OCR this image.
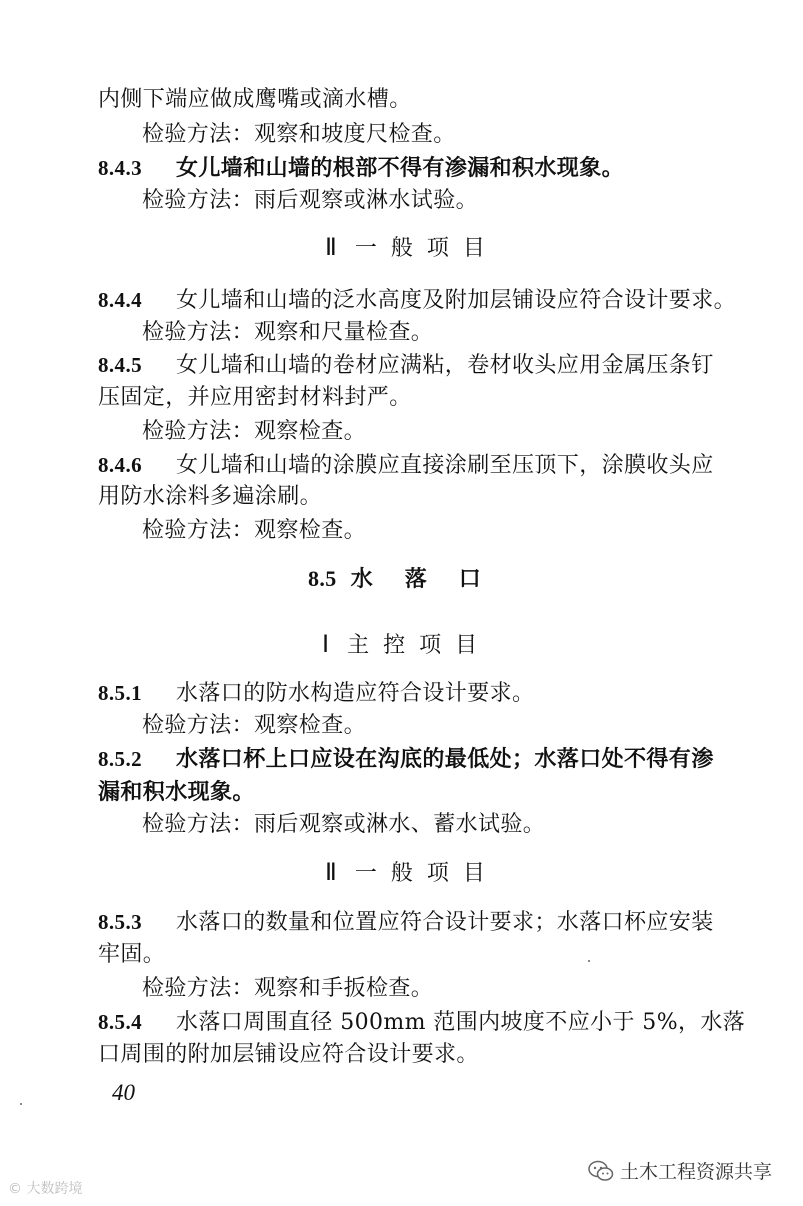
内侧下端应做成鹰嘴或滴水槽。
检验方法：观察和坡度尺检查。
8.4.3 女儿墙和山墙的根部不得有渗漏和积水现象。
检验方法：雨后观察或淋水试验。
Ⅱ 一般项目
8.4.4 女儿墙和山墙的泛水高度及附加层铺设应符合设计要求。
检验方法：观察和尺量检查。
8.4.5 女儿墙和山墙的卷材应满粘，卷材收头应用金属压条钉
压固定，并应用密封材料封严。
检验方法：观察检查。
8.4.6 女儿墙和山墙的涂膜应直接涂刷至压顶下，涂膜收头应
用防水涂料多遍涂刷。
检验方法：观察检查。
8.5 水落口
Ⅰ 主控项目
8.5.1 水落口的防水构造应符合设计要求。
检验方法：观察检查。
8.5.2 水落口杯上口应设在沟底的最低处；水落口处不得有渗
漏和积水现象。
检验方法：雨后观察或淋水、蓄水试验。
Ⅱ 一般项目
8.5.3 水落口的数量和位置应符合设计要求；水落口杯应安装
牢固。
检验方法：观察和手扳检查。
8.5.4 水落口周围直径 500mm 范围内坡度不应小于 5%，水落
口周围的附加层铺设应符合设计要求。
40
© 大数跨境
土木工程资源共享
